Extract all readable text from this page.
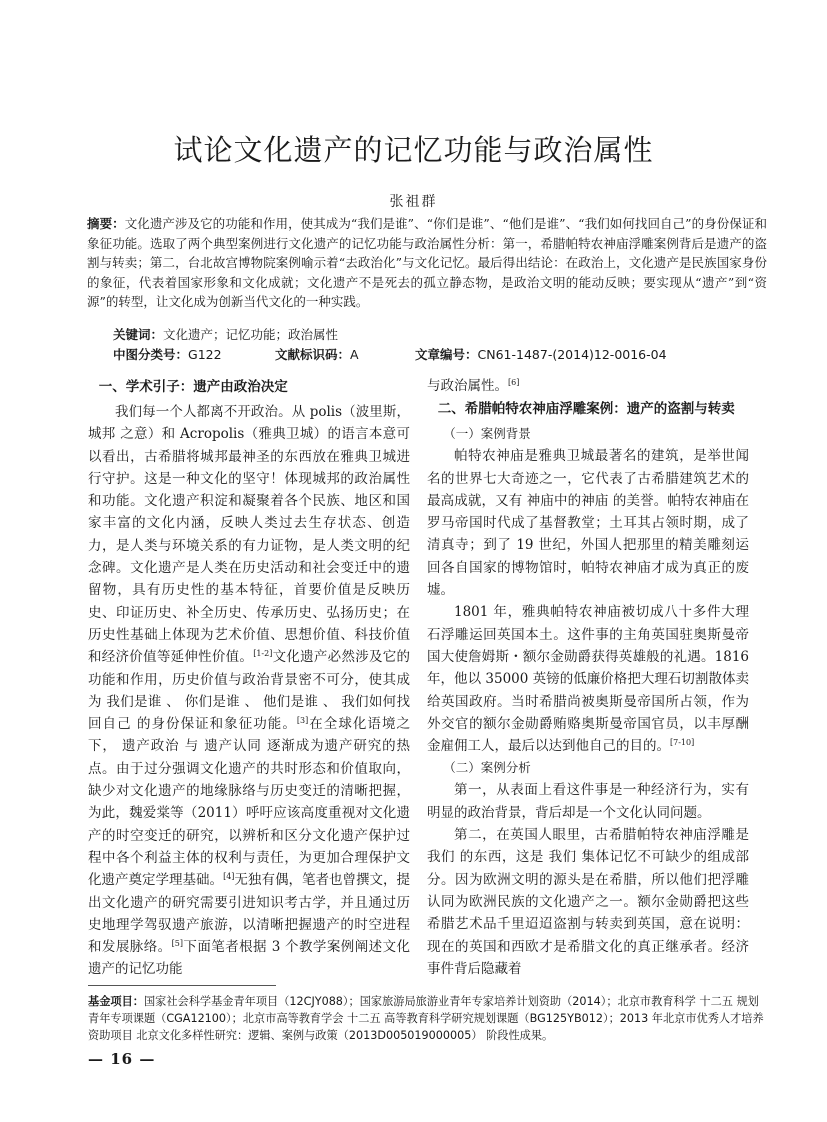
试论文化遗产的记忆功能与政治属性
张祖群
摘要：文化遗产涉及它的功能和作用，使其成为“我们是谁”、“你们是谁”、“他们是谁”、“我们如何找回自己”的身份保证和象征功能。选取了两个典型案例进行文化遗产的记忆功能与政治属性分析：第一，希腊帕特农神庙浮雕案例背后是遗产的盗割与转卖；第二，台北故宫博物院案例喻示着“去政治化”与文化记忆。最后得出结论：在政治上，文化遗产是民族国家身份的象征，代表着国家形象和文化成就；文化遗产不是死去的孤立静态物，是政治文明的能动反映；要实现从“遗产”到“资源”的转型，让文化成为创新当代文化的一种实践。
关键词：文化遗产；记忆功能；政治属性
中图分类号：G122	文献标识码：A	文章编号：CN61-1487-(2014)12-0016-04
一、学术引子：遗产由政治决定

我们每一个人都离不开政治。从 polis（波里斯，城邦 之意）和 Acropolis（雅典卫城）的语言本意可以看出，古希腊将城邦最神圣的东西放在雅典卫城进行守护。这是一种文化的坚守！体现城邦的政治属性和功能。文化遗产积淀和凝聚着各个民族、地区和国家丰富的文化内涵，反映人类过去生存状态、创造力，是人类与环境关系的有力证物，是人类文明的纪念碑。文化遗产是人类在历史活动和社会变迁中的遗留物，具有历史性的基本特征，首要价值是反映历史、印证历史、补全历史、传承历史、弘扬历史；在历史性基础上体现为艺术价值、思想价值、科技价值和经济价值等延伸性价值。[1-2]文化遗产必然涉及它的功能和作用，历史价值与政治背景密不可分，使其成为 我们是谁 、 你们是谁 、 他们是谁 、 我们如何找回自己 的身份保证和象征功能。[3]在全球化语境之下， 遗产政治 与 遗产认同 逐渐成为遗产研究的热点。由于过分强调文化遗产的共时形态和价值取向，缺少对文化遗产的地缘脉络与历史变迁的清晰把握，为此，魏爱棠等（2011）呼吁应该高度重视对文化遗产的时空变迁的研究，以辨析和区分文化遗产保护过程中各个利益主体的权利与责任，为更加合理保护文化遗产奠定学理基础。[4]无独有偶，笔者也曾撰文，提出文化遗产的研究需要引进知识考古学，并且通过历史地理学驾驭遗产旅游，以清晰把握遗产的时空进程和发展脉络。[5]下面笔者根据 3 个教学案例阐述文化遗产的记忆功能

与政治属性。[6]

二、希腊帕特农神庙浮雕案例：遗产的盗割与转卖
（一）案例背景

帕特农神庙是雅典卫城最著名的建筑，是举世闻名的世界七大奇迹之一，它代表了古希腊建筑艺术的最高成就，又有 神庙中的神庙 的美誉。帕特农神庙在罗马帝国时代成了基督教堂；土耳其占领时期，成了清真寺；到了 19 世纪，外国人把那里的精美雕刻运回各自国家的博物馆时，帕特农神庙才成为真正的废墟。

1801 年，雅典帕特农神庙被切成八十多件大理石浮雕运回英国本土。这件事的主角英国驻奥斯曼帝国大使詹姆斯・额尔金勋爵获得英雄般的礼遇。1816 年，他以 35000 英镑的低廉价格把大理石切割散体卖给英国政府。当时希腊尚被奥斯曼帝国所占领，作为外交官的额尔金勋爵贿赂奥斯曼帝国官员，以丰厚酬金雇佣工人，最后以达到他自己的目的。[7-10]

（二）案例分析

第一，从表面上看这件事是一种经济行为，实有明显的政治背景，背后却是一个文化认同问题。

第二，在英国人眼里，古希腊帕特农神庙浮雕是 我们 的东西，这是 我们 集体记忆不可缺少的组成部分。因为欧洲文明的源头是在希腊，所以他们把浮雕认同为欧洲民族的文化遗产之一。额尔金勋爵把这些希腊艺术品千里迢迢盗割与转卖到英国，意在说明：现在的英国和西欧才是希腊文化的真正继承者。经济事件背后隐藏着

基金项目：国家社会科学基金青年项目（12CJY088）；国家旅游局旅游业青年专家培养计划资助（2014）；北京市教育科学 十二五 规划青年专项课题（CGA12100）；北京市高等教育学会 十二五 高等教育科学研究规划课题（BG125YB012）；2013 年北京市优秀人才培养资助项目 北京文化多样性研究：逻辑、案例与政策（2013D005019000005） 阶段性成果。
— 16 —
